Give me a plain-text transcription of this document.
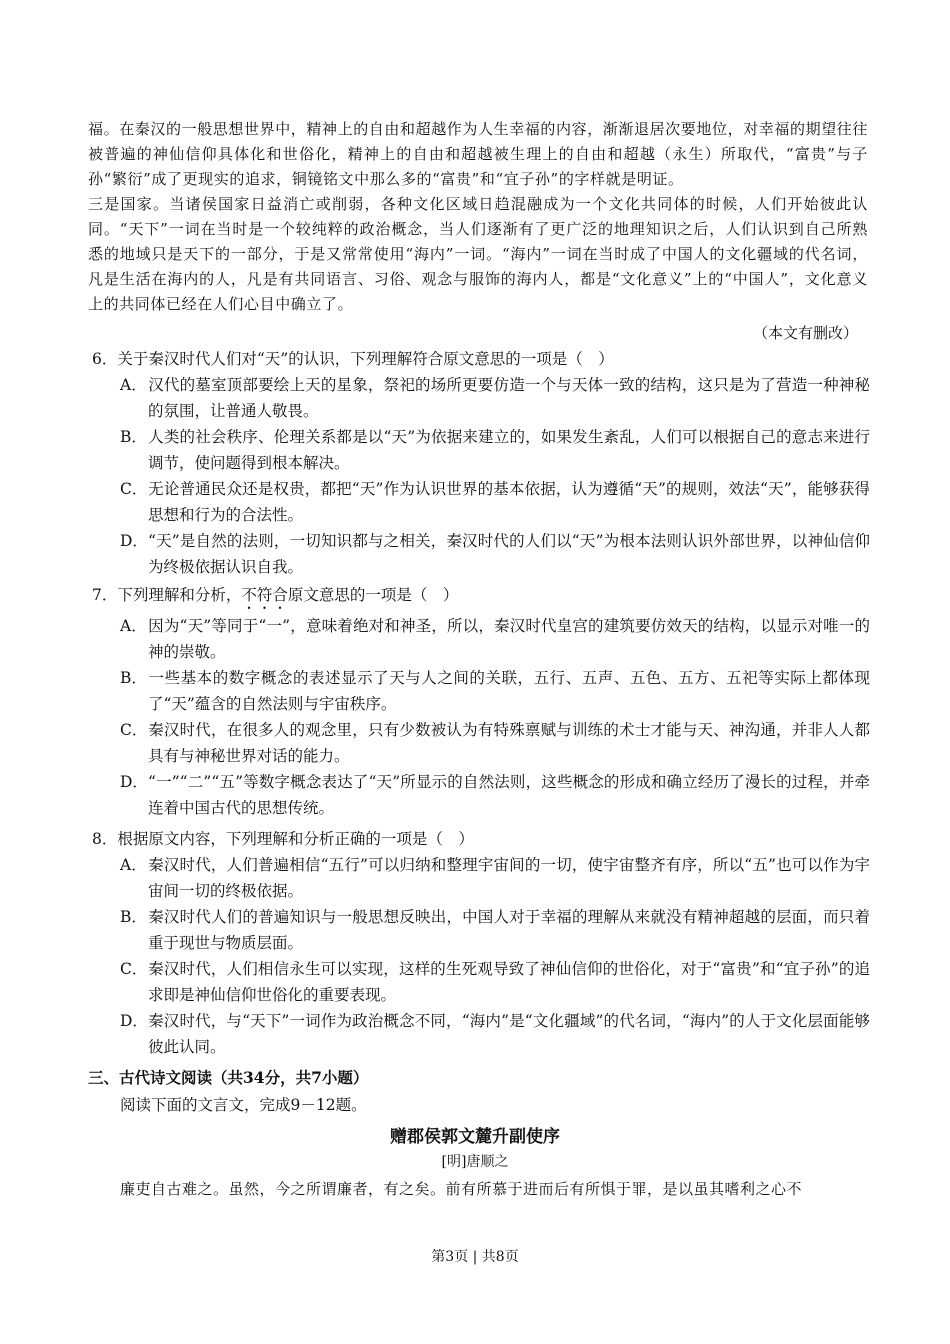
福。在秦汉的一般思想世界中，精神上的自由和超越作为人生幸福的内容，渐渐退居次要地位，对幸福的期望往往被普遍的神仙信仰具体化和世俗化，精神上的自由和超越被生理上的自由和超越（永生）所取代，“富贵”与子孙“繁衍”成了更现实的追求，铜镜铭文中那么多的“富贵”和“宜子孙”的字样就是明证。

三是国家。当诸侯国家日益消亡或削弱，各种文化区域日趋混融成为一个文化共同体的时候，人们开始彼此认同。“天下”一词在当时是一个较纯粹的政治概念，当人们逐渐有了更广泛的地理知识之后，人们认识到自己所熟悉的地域只是天下的一部分，于是又常常使用“海内”一词。“海内”一词在当时成了中国人的文化疆域的代名词，凡是生活在海内的人，凡是有共同语言、习俗、观念与服饰的海内人，都是“文化意义”上的“中国人”，文化意义上的共同体已经在人们心目中确立了。

（本文有删改）

6．关于秦汉时代人们对“天”的认识，下列理解符合原文意思的一项是（　）

A．汉代的墓室顶部要绘上天的星象，祭祀的场所更要仿造一个与天体一致的结构，这只是为了营造一种神秘的氛围，让普通人敬畏。

B．人类的社会秩序、伦理关系都是以“天”为依据来建立的，如果发生紊乱，人们可以根据自己的意志来进行调节，使问题得到根本解决。

C．无论普通民众还是权贵，都把“天”作为认识世界的基本依据，认为遵循“天”的规则，效法“天”，能够获得思想和行为的合法性。

D．“天”是自然的法则，一切知识都与之相关，秦汉时代的人们以“天”为根本法则认识外部世界，以神仙信仰为终极依据认识自我。

7．下列理解和分析，不符合原文意思的一项是（　）

A．因为“天”等同于“一”，意味着绝对和神圣，所以，秦汉时代皇宫的建筑要仿效天的结构，以显示对唯一的神的崇敬。

B．一些基本的数字概念的表述显示了天与人之间的关联，五行、五声、五色、五方、五祀等实际上都体现了“天”蕴含的自然法则与宇宙秩序。

C．秦汉时代，在很多人的观念里，只有少数被认为有特殊禀赋与训练的术士才能与天、神沟通，并非人人都具有与神秘世界对话的能力。

D．“一”“二”“五”等数字概念表达了“天”所显示的自然法则，这些概念的形成和确立经历了漫长的过程，并牵连着中国古代的思想传统。

8．根据原文内容，下列理解和分析正确的一项是（　）

A．秦汉时代，人们普遍相信“五行”可以归纳和整理宇宙间的一切，使宇宙整齐有序，所以“五”也可以作为宇宙间一切的终极依据。

B．秦汉时代人们的普遍知识与一般思想反映出，中国人对于幸福的理解从来就没有精神超越的层面，而只着重于现世与物质层面。

C．秦汉时代，人们相信永生可以实现，这样的生死观导致了神仙信仰的世俗化，对于“富贵”和“宜子孙”的追求即是神仙信仰世俗化的重要表现。

D．秦汉时代，与“天下”一词作为政治概念不同，“海内”是“文化疆域”的代名词，“海内”的人于文化层面能够彼此认同。

三、古代诗文阅读（共34分，共7小题）

阅读下面的文言文，完成9－12题。

赠郡侯郭文麓升副使序

[明]唐顺之

廉吏自古难之。虽然，今之所谓廉者，有之矣。前有所慕于进而后有所惧于罪，是以虽其嗜利之心不

第3页 | 共8页
